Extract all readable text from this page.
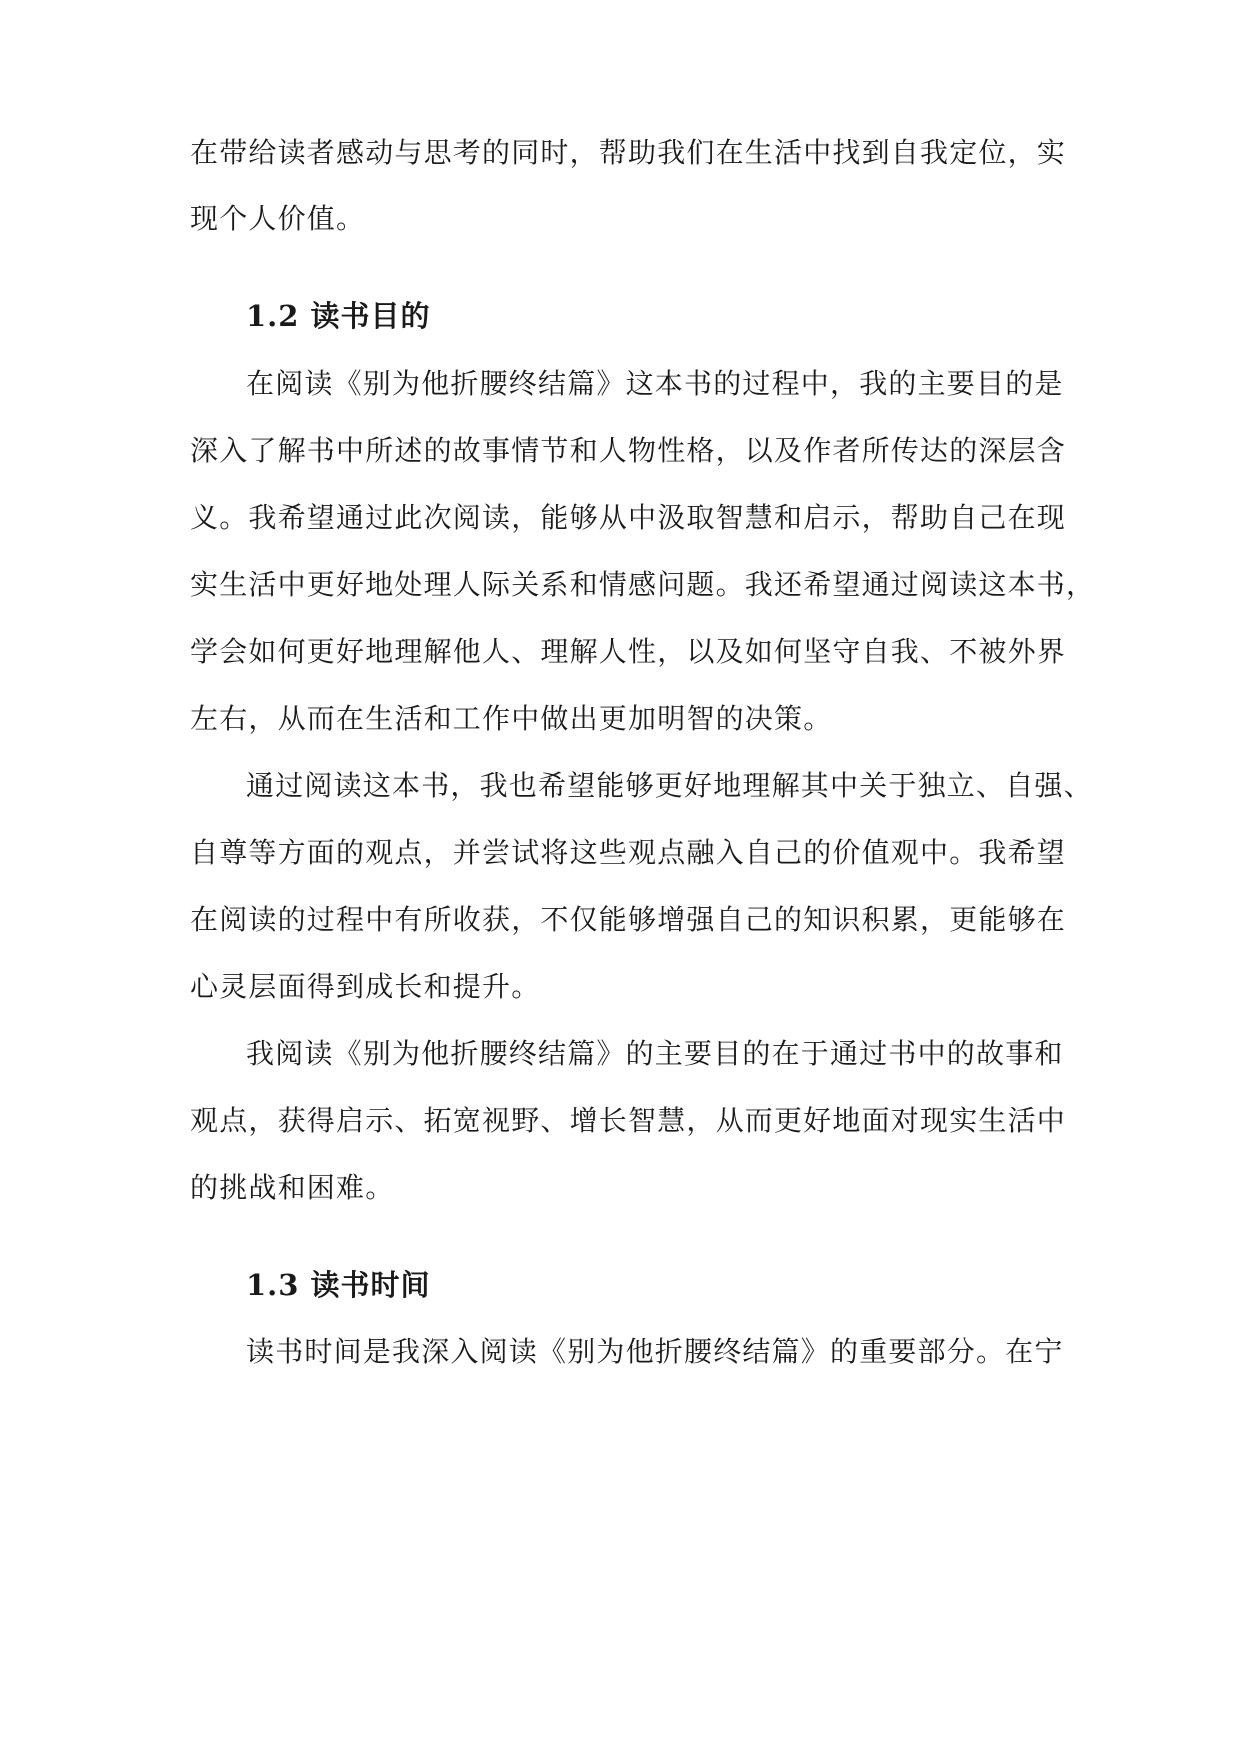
在带给读者感动与思考的同时，帮助我们在生活中找到自我定位，实
现个人价值。
1.2 读书目的
在阅读《别为他折腰终结篇》这本书的过程中，我的主要目的是
深入了解书中所述的故事情节和人物性格，以及作者所传达的深层含
义。我希望通过此次阅读，能够从中汲取智慧和启示，帮助自己在现
实生活中更好地处理人际关系和情感问题。我还希望通过阅读这本书，
学会如何更好地理解他人、理解人性，以及如何坚守自我、不被外界
左右，从而在生活和工作中做出更加明智的决策。
通过阅读这本书，我也希望能够更好地理解其中关于独立、自强、
自尊等方面的观点，并尝试将这些观点融入自己的价值观中。我希望
在阅读的过程中有所收获，不仅能够增强自己的知识积累，更能够在
心灵层面得到成长和提升。
我阅读《别为他折腰终结篇》的主要目的在于通过书中的故事和
观点，获得启示、拓宽视野、增长智慧，从而更好地面对现实生活中
的挑战和困难。
1.3 读书时间
读书时间是我深入阅读《别为他折腰终结篇》的重要部分。在宁
